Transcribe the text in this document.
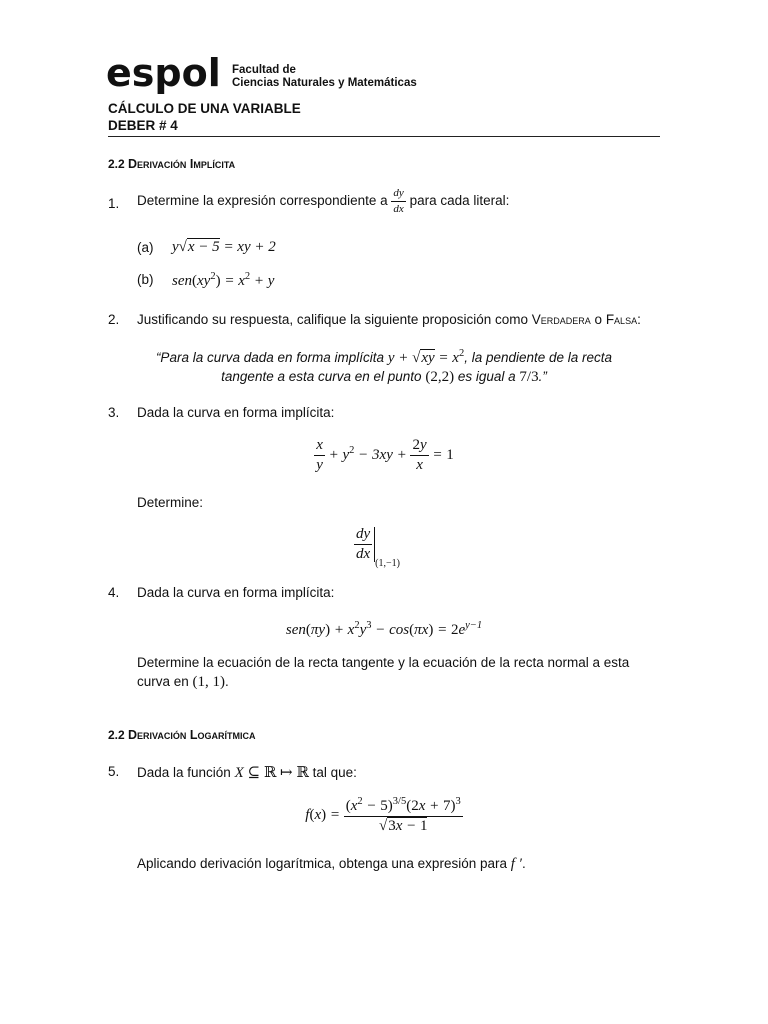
espol Facultad de
Ciencias Naturales y Matemáticas
CÁLCULO DE UNA VARIABLE
DEBER # 4
2.2 Derivación Implícita
1. Determine la expresión correspondiente a $\frac{dy}{dx}$ para cada literal:
(a) y√x − 5 = xy + 2
(b) $sen(xy^2) = x^2 + y$
2. Justificando su respuesta, califique la siguiente proposición como Verdadera o Falsa:
“Para la curva dada en forma implícita $y + √xy = x^2$, la pendiente de la recta
tangente a esta curva en el punto (2,2) es igual a 7/3.”
3. Dada la curva en forma implícita:
$\frac{x}{y} + y^2 - 3xy + \frac{2y}{x} = 1$
Determine:
$\frac{dy}{dx}$
$_{(1,-1)}$
4. Dada la curva en forma implícita:
$sen(\pi y) + x^2y^3 - \cos(\pi x) = 2e^{y-1}$
Determine la ecuación de la recta tangente y la ecuación de la recta normal a esta
curva en (1, 1).
2.2 Derivación Logarítmica
5. Dada la función X ⊆ ℝ ↦ ℝ tal que:
$f(x) = \frac{(x^2 - 5)^{3/5}(2x + 7)^3}{√3x - 1}$
Aplicando derivación logarítmica, obtenga una expresión para f ′.
